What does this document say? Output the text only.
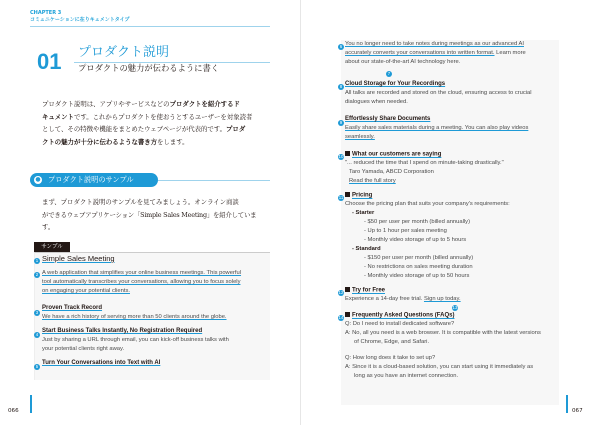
CHAPTER 3
コミュニケーションに在りキュメントタイプ
01 プロダクト説明
プロダクトの魅力が伝わるように書く
プロダクト説明は、アプリやサービスなどのプロダクトを紹介するド
キュメントです。これからプロダクトを使おうとするユーザーを対象読者
として、その特徴や機能をまとめたウェブページが代表的です。プロダ
クトの魅力が十分に伝わるような書き方をします。
● プロダクト説明のサンプル
まず、プロダクト説明のサンプルを見てみましょう。オンライン商談
ができるウェブアプリケーション「Simple Sales Meeting」を紹介していま
す。
サンプル
1 Simple Sales Meeting
2 A web application that simplifies your online business meetings. This powerful
tool automatically transcribes your conversations, allowing you to focus solely
on engaging your potential clients.
3
Proven Track Record
We have a rich history of serving more than 50 clients around the globe.
4
Start Business Talks Instantly, No Registration Required
Just by sharing a URL through email, you can kick-off business talks with
your potential clients right away.
5
Turn Your Conversations into Text with AI
066
6 You no longer need to take notes during meetings as our advanced AI
accurately converts your conversations into written format. Learn more
about our state-of-the-art AI technology here.
7
8 Cloud Storage for Your Recordings
All talks are recorded and stored on the cloud, ensuring access to crucial
dialogues when needed.
9
Effortlessly Share Documents
Easily share sales materials during a meeting. You can also play videos
seamlessly.
10	What our customers are saying
"... reduced the time that I spend on minute-taking drastically."
Taro Yamada, ABCD Corporation
Read the full story
11	Pricing
Choose the pricing plan that suits your company's requirements:
- Starter
- $50 per user per month (billed annually)
- Up to 1 hour per sales meeting
- Monthly video storage of up to 5 hours
- Standard
- $150 per user per month (billed annually)
- No restrictions on sales meeting duration
- Monthly video storage of up to 50 hours
12	Try for Free
Experience a 14-day free trial. Sign up today.
13
14	Frequently Asked Questions (FAQs)
Q: Do I need to install dedicated software?
A: No, all you need is a web browser. It is compatible with the latest versions
of Chrome, Edge, and Safari.
Q: How long does it take to set up?
A: Since it is a cloud-based solution, you can start using it immediately as
long as you have an internet connection.
067
